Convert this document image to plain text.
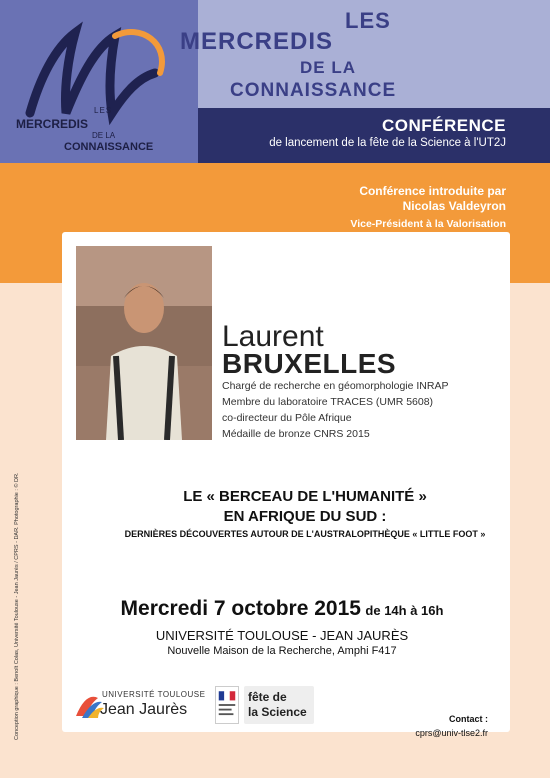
LES
MERCREDIS
DE LA
CONNAISSANCE
LES
MERCREDIS
DE LA
CONNAISSANCE
CONFÉRENCE
de lancement de la fête de la Science à l'UT2J
Conférence introduite par
Nicolas Valdeyron
Vice-Président à la Valorisation
Laurent
BRUXELLES
Chargé de recherche en géomorphologie INRAP
Membre du laboratoire TRACES (UMR 5608)
co-directeur du Pôle Afrique
Médaille de bronze CNRS 2015
LE « BERCEAU DE L'HUMANITÉ »
EN AFRIQUE DU SUD :
DERNIÈRES DÉCOUVERTES AUTOUR DE L'AUSTRALOPITHÈQUE « LITTLE FOOT »
Mercredi 7 octobre 2015 de 14h à 16h
UNIVERSITÉ TOULOUSE - JEAN JAURÈS
Nouvelle Maison de la Recherche, Amphi F417
UNIVERSITÉ TOULOUSE
Jean Jaurès
fête de
la Science	Contact :
cprs@univ-tlse2.fr
Conception graphique : Benoît Colas, Université Toulouse - Jean Jaurès / CPRS - DAR. Photographie : © DR.
